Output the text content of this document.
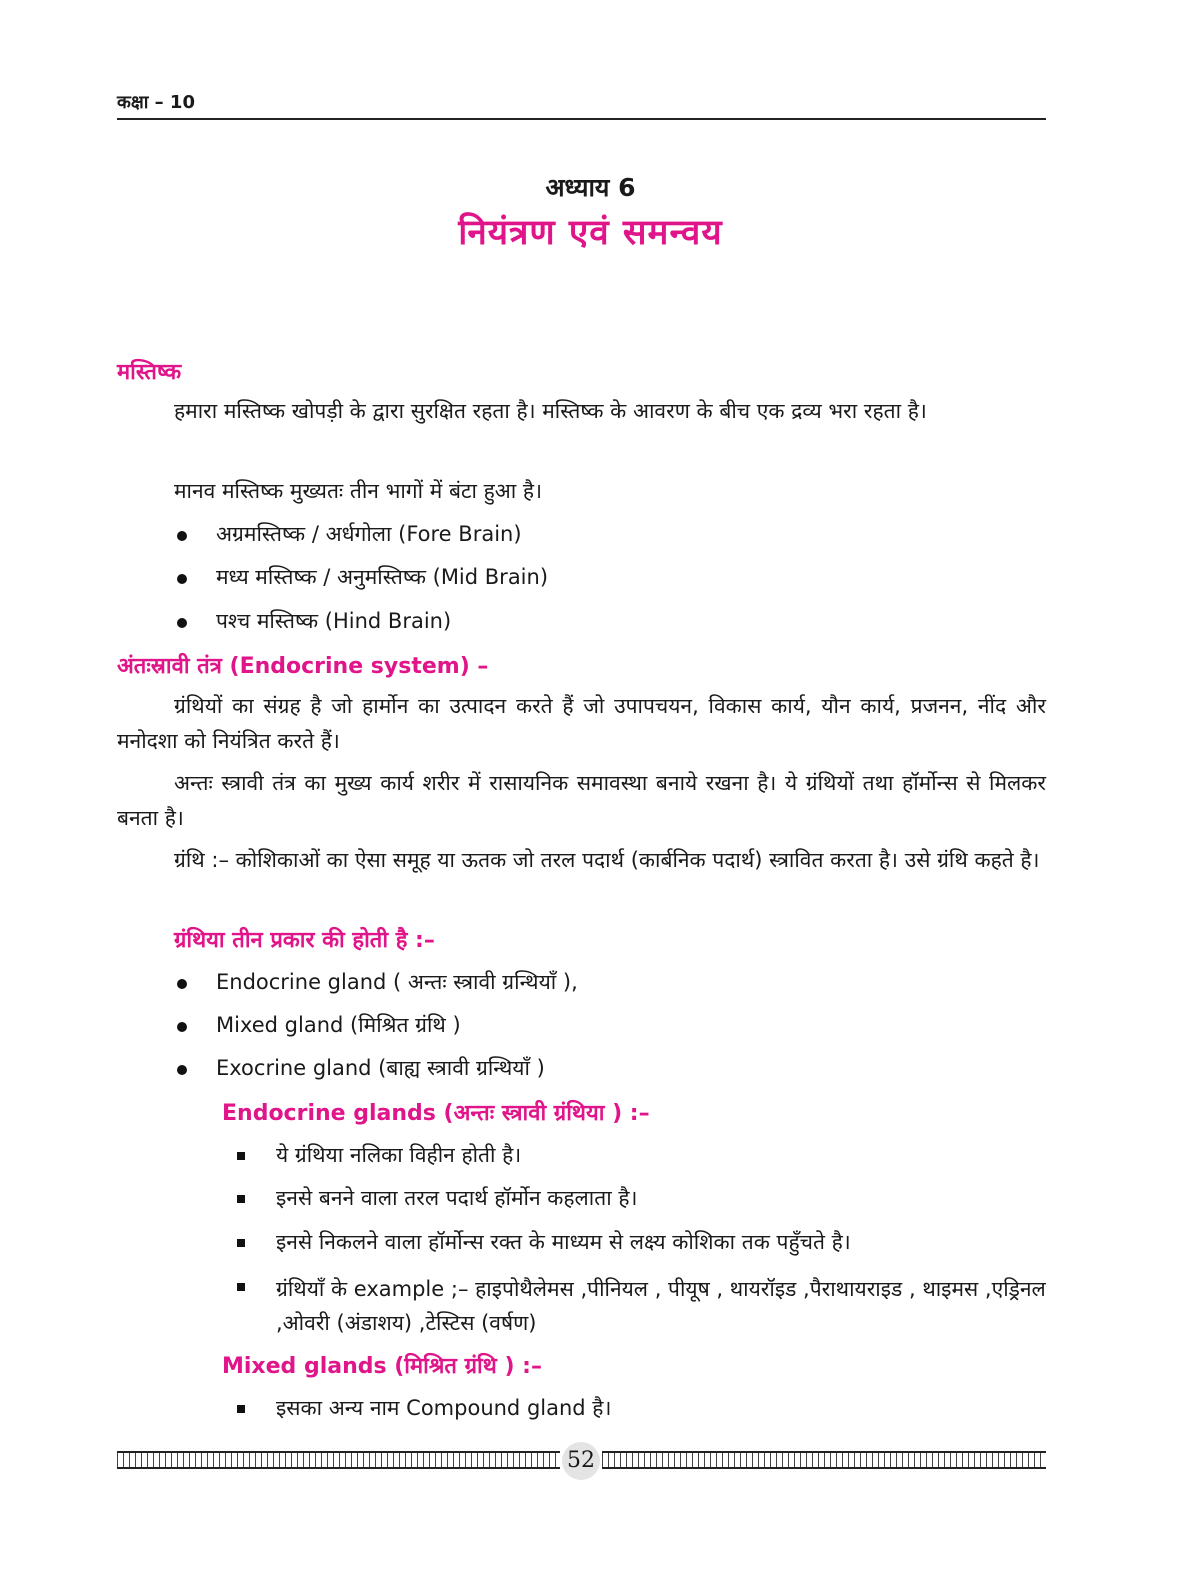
कक्षा – 10
अध्याय 6
नियंत्रण एवं समन्वय
मस्तिष्क
हमारा मस्तिष्क खोपड़ी के द्वारा सुरक्षित रहता है। मस्तिष्क के आवरण के बीच एक द्रव्य भरा रहता है।
मानव मस्तिष्क मुख्यतः तीन भागों में बंटा हुआ है।
अग्रमस्तिष्क / अर्धगोला (Fore Brain)
मध्य मस्तिष्क / अनुमस्तिष्क (Mid Brain)
पश्च मस्तिष्क (Hind Brain)
अंतःस्रावी तंत्र (Endocrine system) –
ग्रंथियों का संग्रह है जो हार्मोन का उत्पादन करते हैं जो उपापचयन, विकास कार्य, यौन कार्य, प्रजनन, नींद और मनोदशा को नियंत्रित करते हैं।
अन्तः स्त्रावी तंत्र का मुख्य कार्य शरीर में रासायनिक समावस्था बनाये रखना है। ये ग्रंथियों तथा हॉर्मोन्स से मिलकर बनता है।
ग्रंथि :– कोशिकाओं का ऐसा समूह या ऊतक जो तरल पदार्थ (कार्बनिक पदार्थ) स्त्रावित करता है। उसे ग्रंथि कहते है।
ग्रंथिया तीन प्रकार की होती है :–
Endocrine gland ( अन्तः स्त्रावी ग्रन्थियाँ ),
Mixed gland (मिश्रित ग्रंथि )
Exocrine gland (बाह्य स्त्रावी ग्रन्थियाँ )
Endocrine glands (अन्तः स्त्रावी ग्रंथिया ) :–
ये ग्रंथिया नलिका विहीन होती है।
इनसे बनने वाला तरल पदार्थ हॉर्मोन कहलाता है।
इनसे निकलने वाला हॉर्मोन्स रक्त के माध्यम से लक्ष्य कोशिका तक पहुँचते है।
ग्रंथियाँ के example ;– हाइपोथैलेमस ,पीनियल , पीयूष , थायरॉइड ,पैराथायराइड , थाइमस ,एड्रिनल ,ओवरी (अंडाशय) ,टेस्टिस (वर्षण)
Mixed glands (मिश्रित ग्रंथि ) :–
इसका अन्य नाम Compound gland है।
52
